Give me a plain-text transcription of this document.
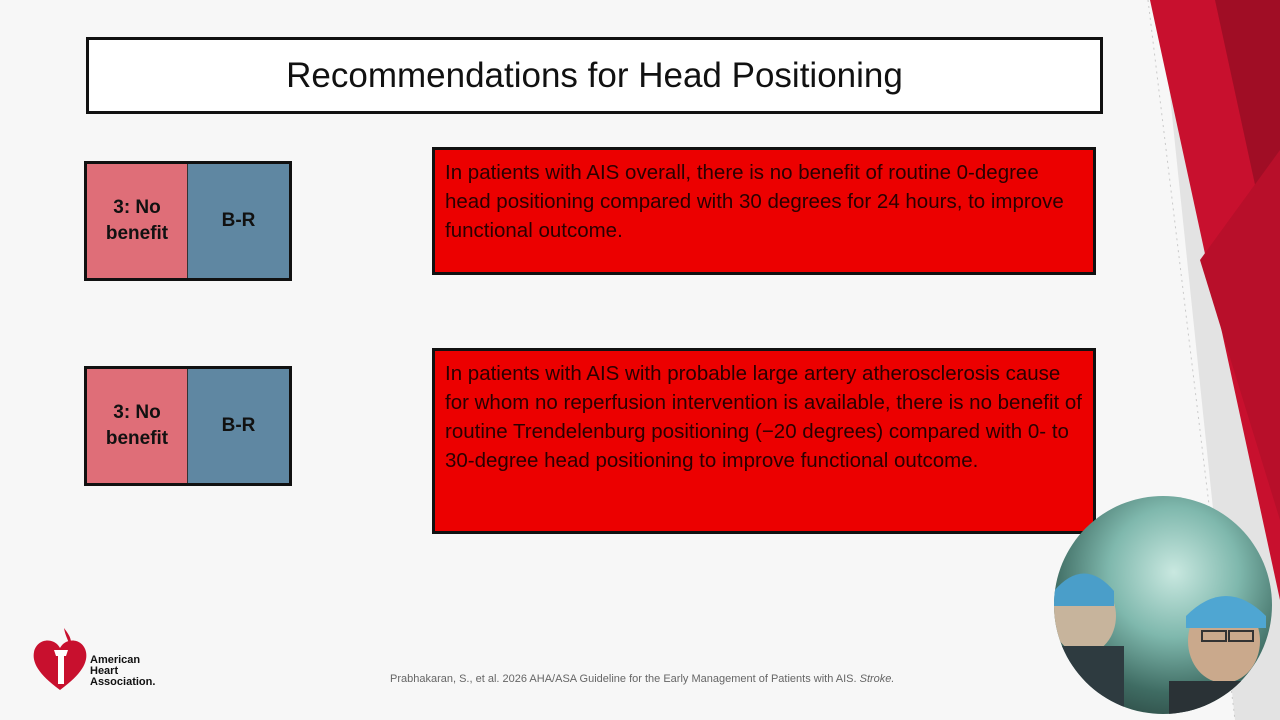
Recommendations for Head Positioning
3: No
benefit
B-R
In patients with AIS overall, there is no benefit of routine 0-degree head positioning compared with 30 degrees for 24 hours, to improve functional outcome.
3: No
benefit
B-R
In patients with AIS with probable large artery atherosclerosis cause for whom no reperfusion intervention is available, there is no benefit of routine Trendelenburg positioning (−20 degrees) compared with 0- to 30-degree head positioning to improve functional outcome.
American
Heart
Association.	Prabhakaran, S., et al. 2026 AHA/ASA Guideline for the Early Management of Patients with AIS. Stroke.
